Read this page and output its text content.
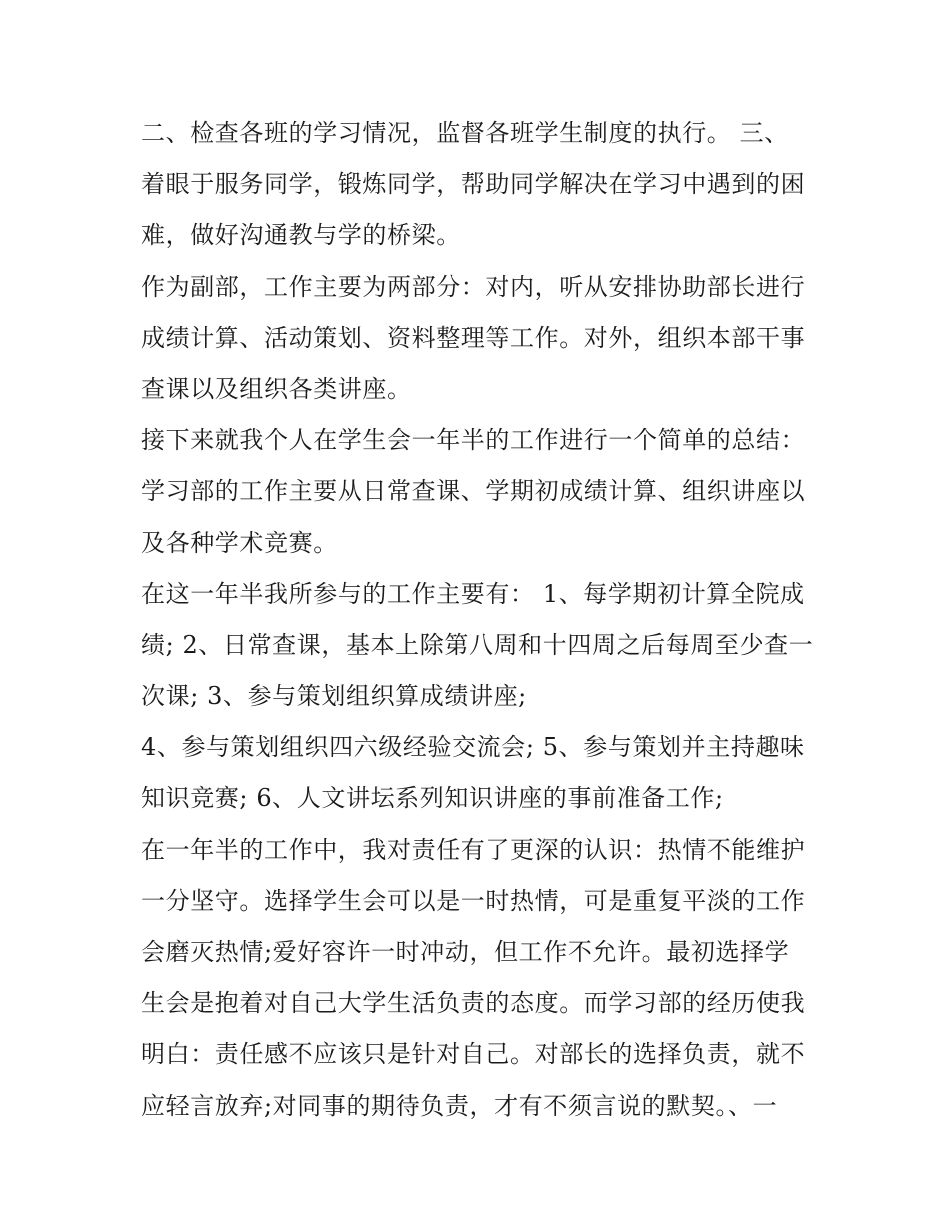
二、检查各班的学习情况，监督各班学生制度的执行。 三、
着眼于服务同学，锻炼同学，帮助同学解决在学习中遇到的困
难，做好沟通教与学的桥梁。
作为副部，工作主要为两部分：对内，听从安排协助部长进行
成绩计算、活动策划、资料整理等工作。对外，组织本部干事
查课以及组织各类讲座。
接下来就我个人在学生会一年半的工作进行一个简单的总结：
学习部的工作主要从日常查课、学期初成绩计算、组织讲座以
及各种学术竞赛。
在这一年半我所参与的工作主要有： 1、每学期初计算全院成
绩; 2、日常查课，基本上除第八周和十四周之后每周至少查一
次课; 3、参与策划组织算成绩讲座;
4、参与策划组织四六级经验交流会; 5、参与策划并主持趣味
知识竞赛; 6、人文讲坛系列知识讲座的事前准备工作;
在一年半的工作中，我对责任有了更深的认识：热情不能维护
一分坚守。选择学生会可以是一时热情，可是重复平淡的工作
会磨灭热情;爱好容许一时冲动，但工作不允许。最初选择学
生会是抱着对自己大学生活负责的态度。而学习部的经历使我
明白：责任感不应该只是针对自己。对部长的选择负责，就不
应轻言放弃;对同事的期待负责，才有不须言说的默契。、一
